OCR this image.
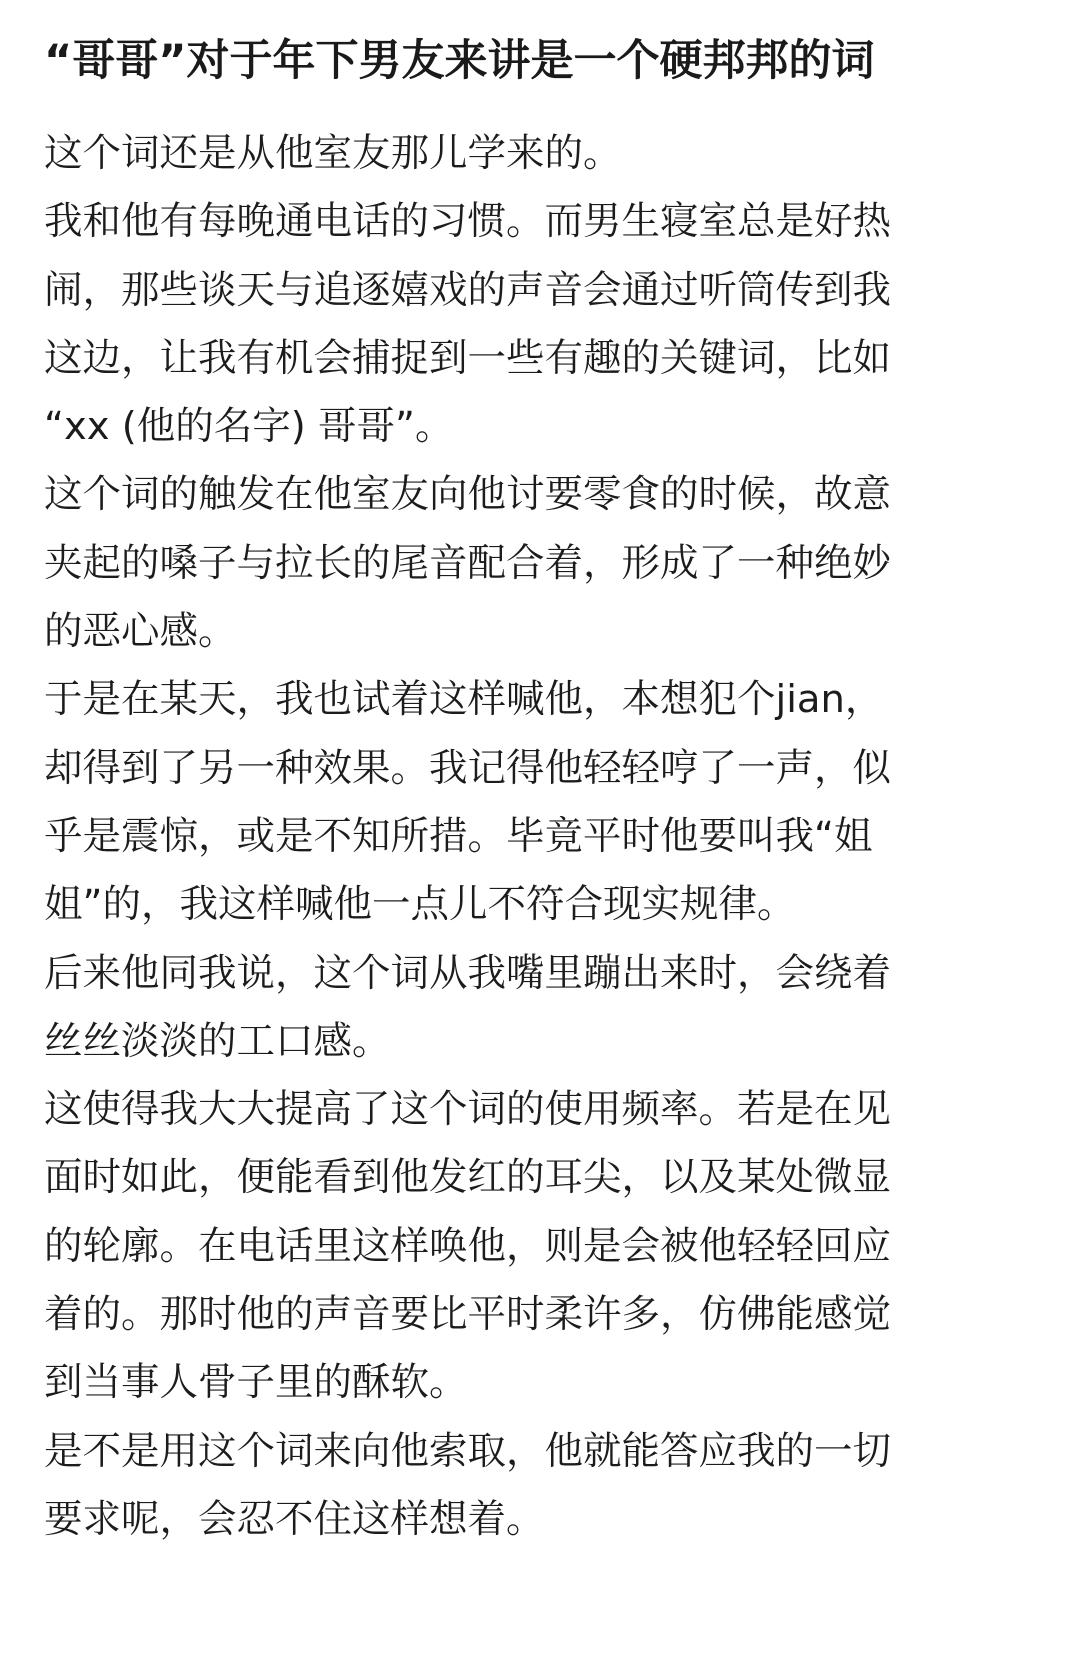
“哥哥”对于年下男友来讲是一个硬邦邦的词
这个词还是从他室友那儿学来的。
我和他有每晚通电话的习惯。而男生寝室总是好热
闹，那些谈天与追逐嬉戏的声音会通过听筒传到我
这边，让我有机会捕捉到一些有趣的关键词，比如
“xx (他的名字) 哥哥”。
这个词的触发在他室友向他讨要零食的时候，故意
夹起的嗓子与拉长的尾音配合着，形成了一种绝妙
的恶心感。
于是在某天，我也试着这样喊他，本想犯个jian，
却得到了另一种效果。我记得他轻轻哼了一声，似
乎是震惊，或是不知所措。毕竟平时他要叫我“姐
姐”的，我这样喊他一点儿不符合现实规律。
后来他同我说，这个词从我嘴里蹦出来时，会绕着
丝丝淡淡的工口感。
这使得我大大提高了这个词的使用频率。若是在见
面时如此，便能看到他发红的耳尖，以及某处微显
的轮廓。在电话里这样唤他，则是会被他轻轻回应
着的。那时他的声音要比平时柔许多，仿佛能感觉
到当事人骨子里的酥软。
是不是用这个词来向他索取，他就能答应我的一切
要求呢，会忍不住这样想着。
